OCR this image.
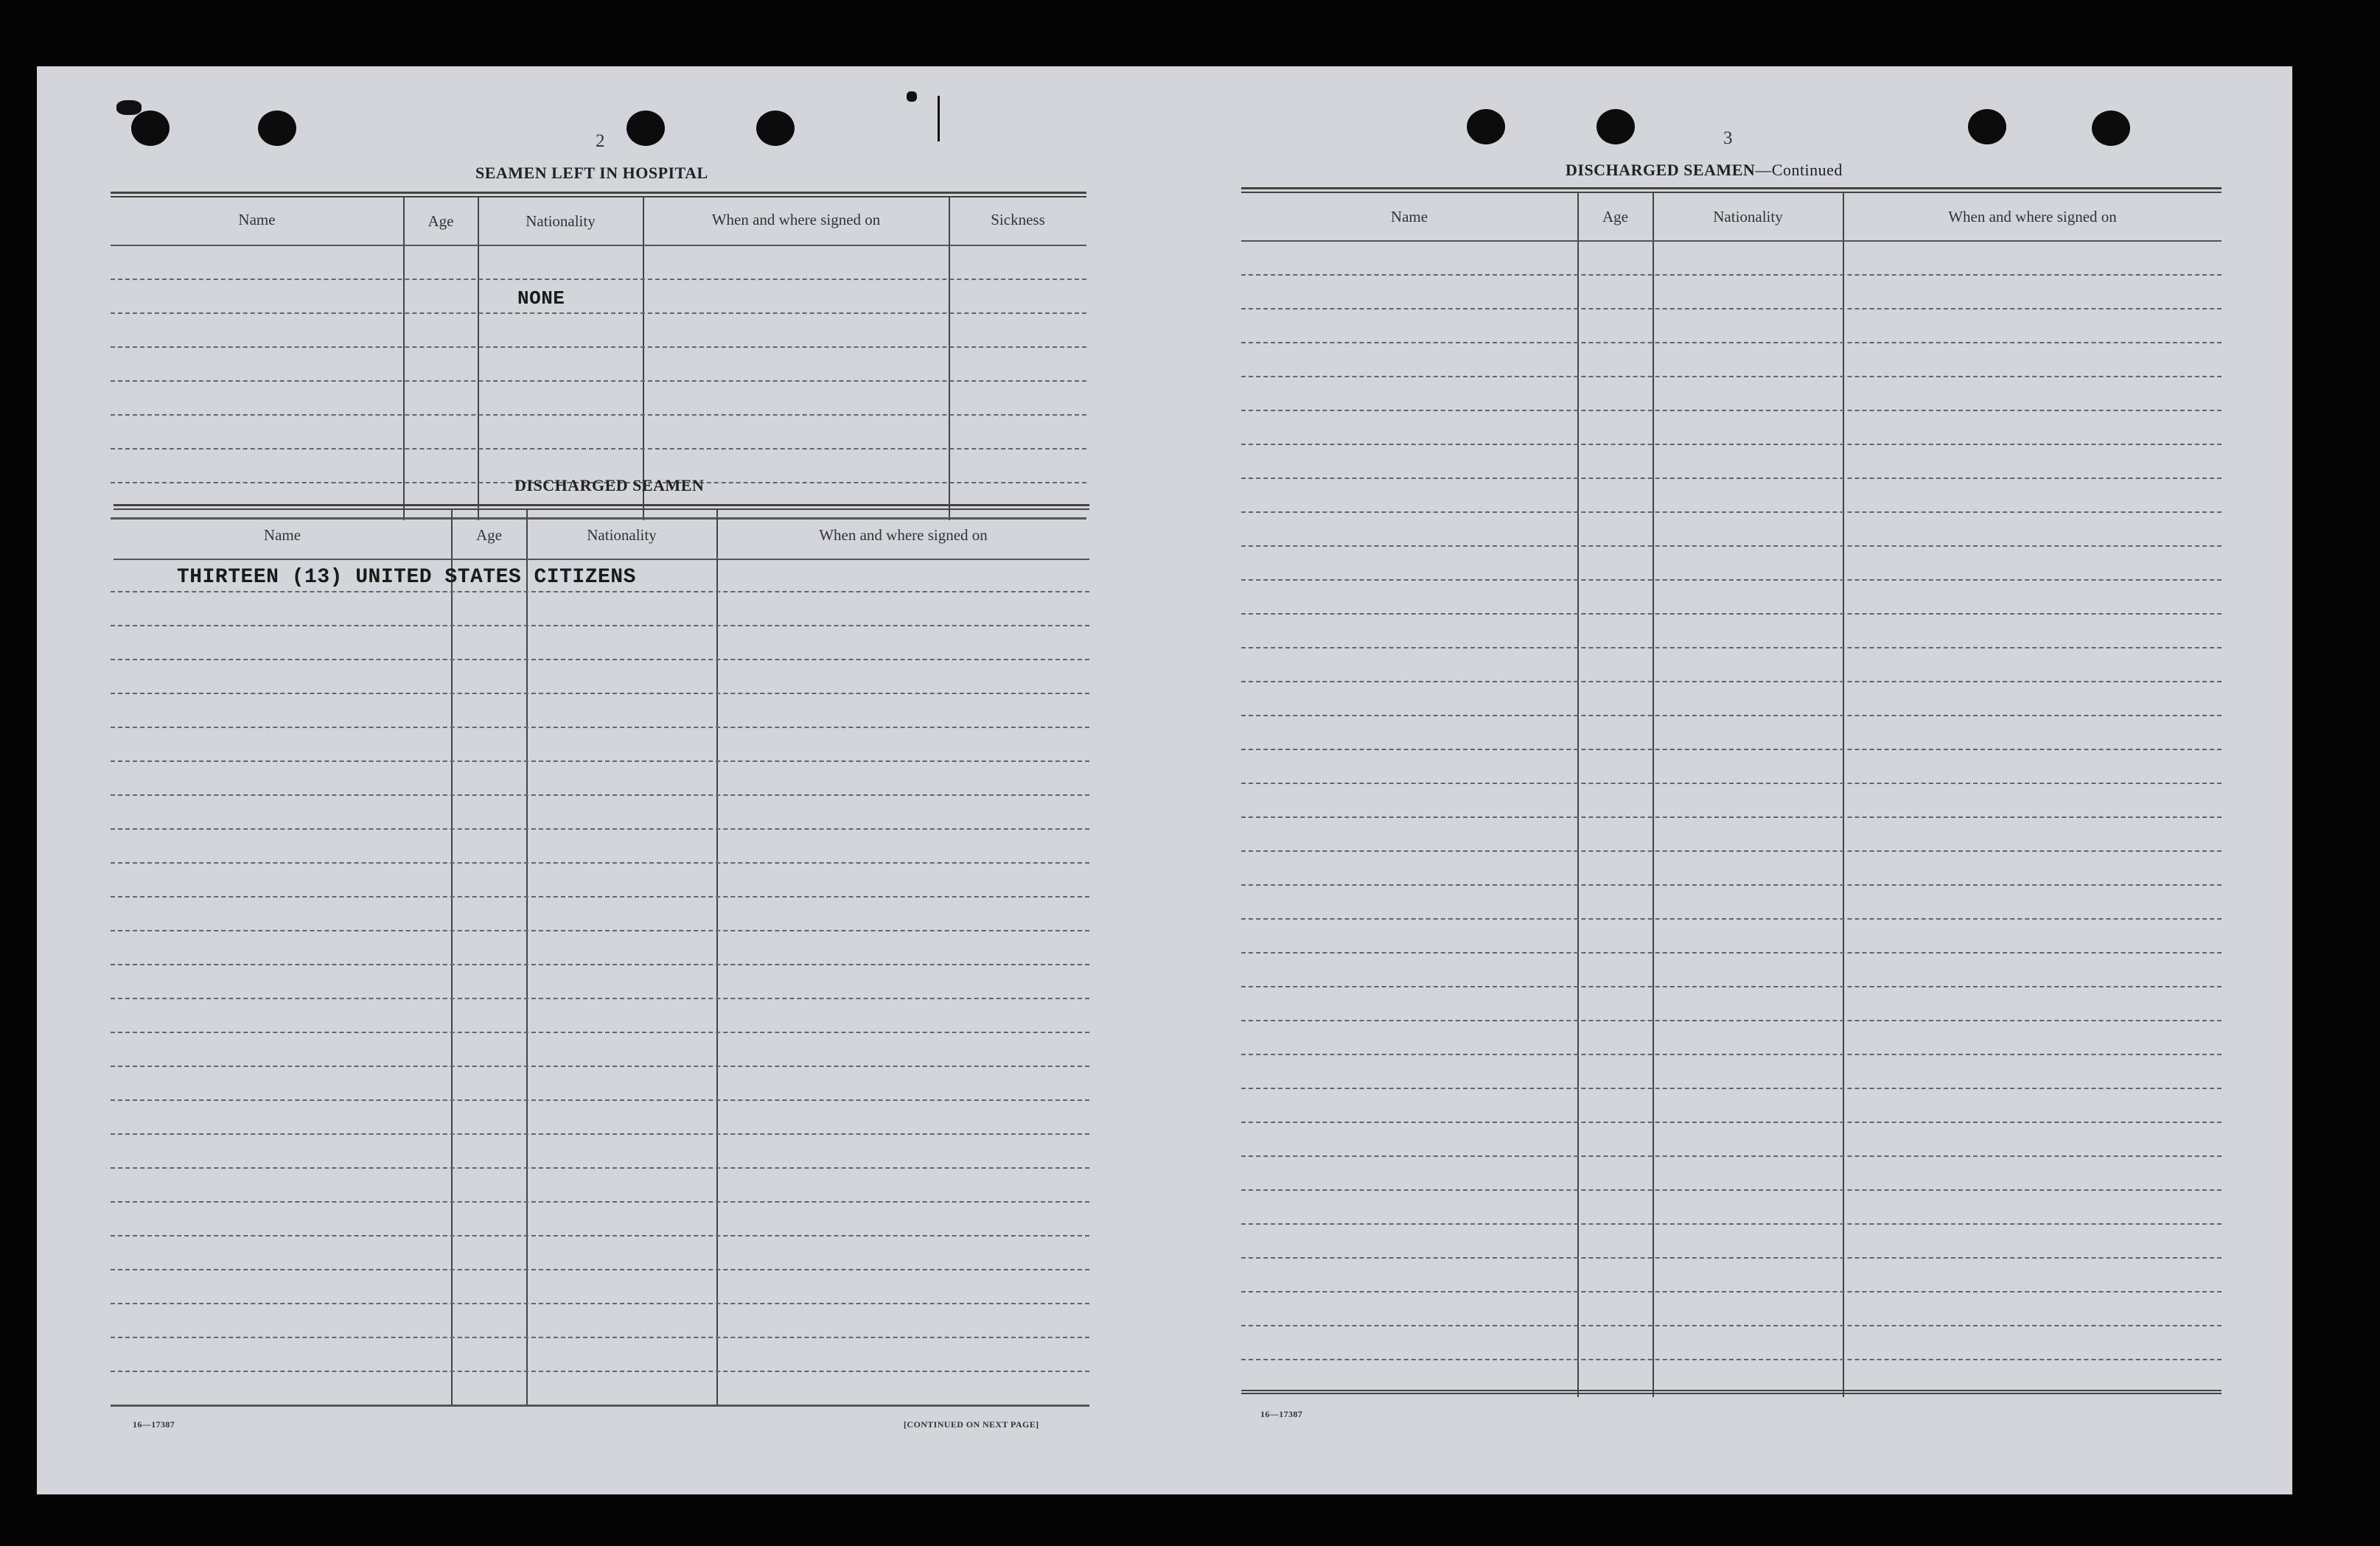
2
SEAMEN LEFT IN HOSPITAL
Name	Age	Nationality	When and where signed on	Sickness
NONE
DISCHARGED SEAMEN
Name	Age	Nationality	When and where signed on
THIRTEEN (13) UNITED STATES CITIZENS
16—17387	[CONTINUED ON NEXT PAGE]
3
DISCHARGED SEAMEN—Continued
Name	Age	Nationality	When and where signed on
16—17387
